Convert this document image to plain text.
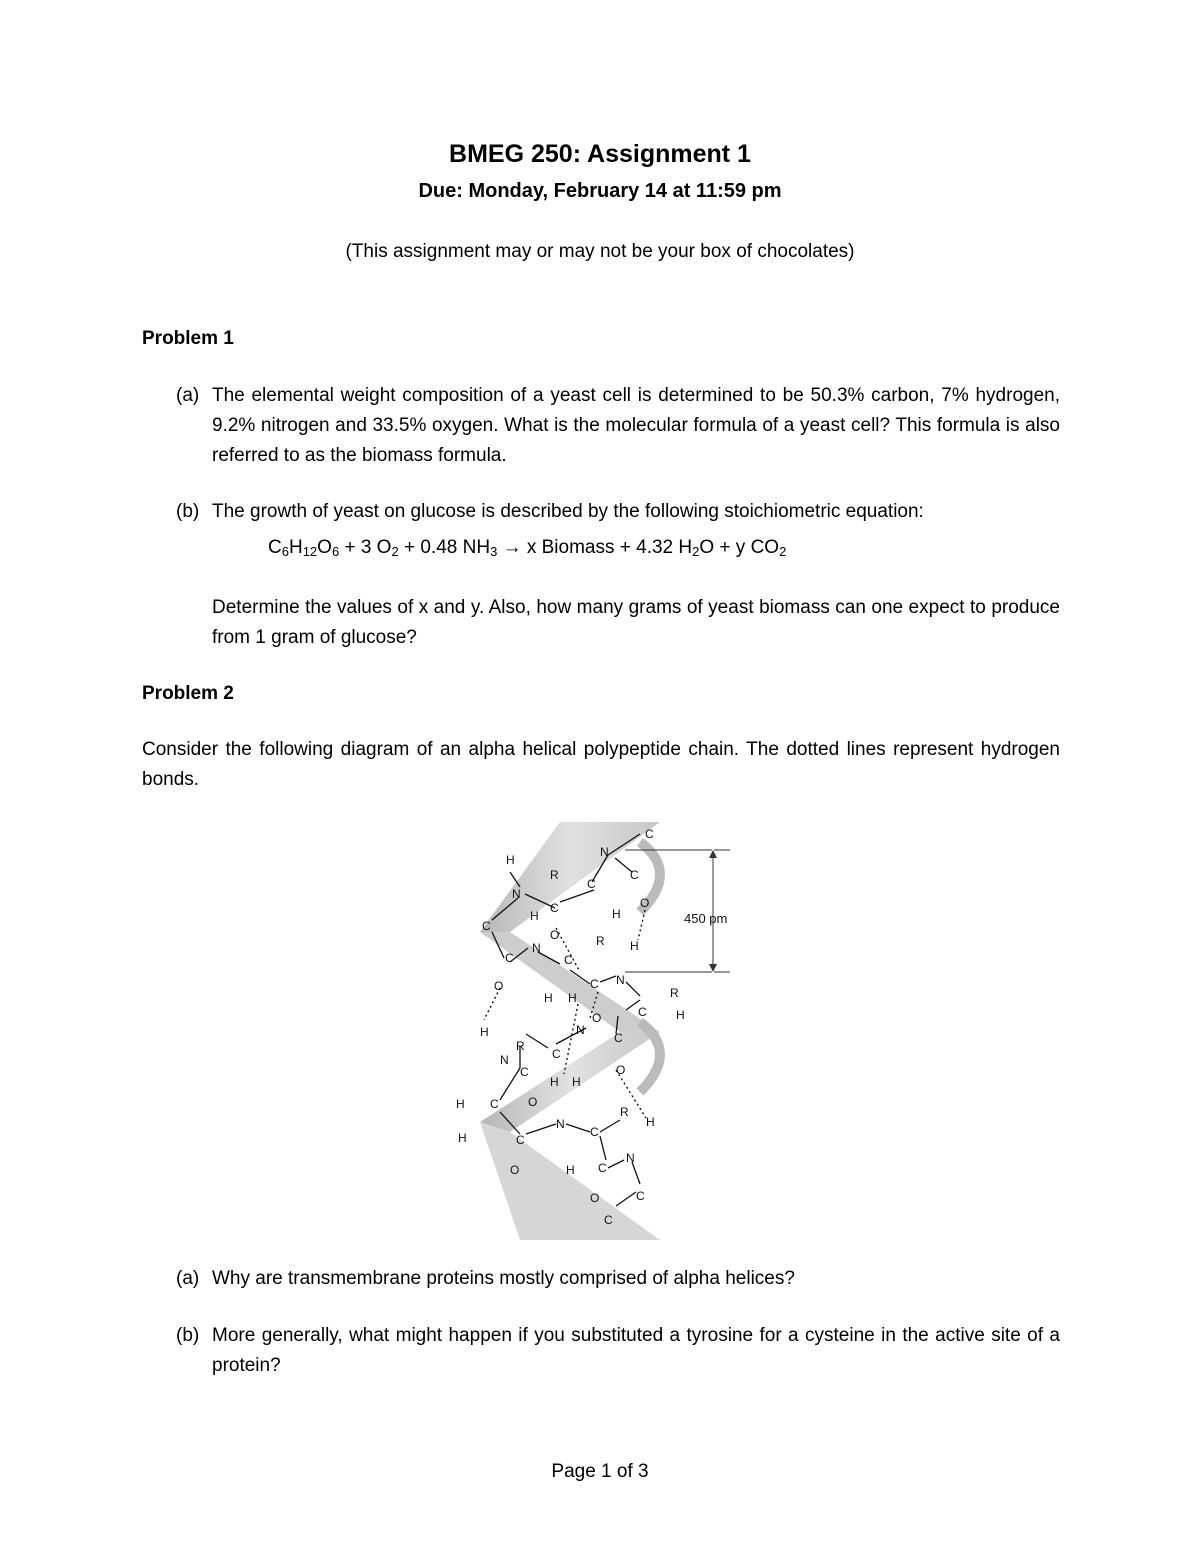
BMEG 250: Assignment 1
Due: Monday, February 14 at 11:59 pm
(This assignment may or may not be your box of chocolates)
Problem 1
(a) The elemental weight composition of a yeast cell is determined to be 50.3% carbon, 7% hydrogen, 9.2% nitrogen and 33.5% oxygen. What is the molecular formula of a yeast cell? This formula is also referred to as the biomass formula.
(b) The growth of yeast on glucose is described by the following stoichiometric equation:
$C_6H_{12}O_6 + 3$ $O_2 + 0.48$ $NH_3 \to x$ Biomass + 4.32 $H_2O + y$ $CO_2$
Determine the values of x and y. Also, how many grams of yeast biomass can one expect to produce from 1 gram of glucose?
Problem 2
Consider the following diagram of an alpha helical polypeptide chain. The dotted lines represent hydrogen bonds.
450 pm
C
N
R
C
C
O
H
N
C	H
H
C
O	R
N	H
C	C
N
O	C
R
H H
C H
O
H	N
R
C
N	C
O
C
H H
O
H C
R
N	H
C
H	C
N
C
H
O
C
O
C
(a) Why are transmembrane proteins mostly comprised of alpha helices?
(b) More generally, what might happen if you substituted a tyrosine for a cysteine in the active site of a protein?
Page 1 of 3
